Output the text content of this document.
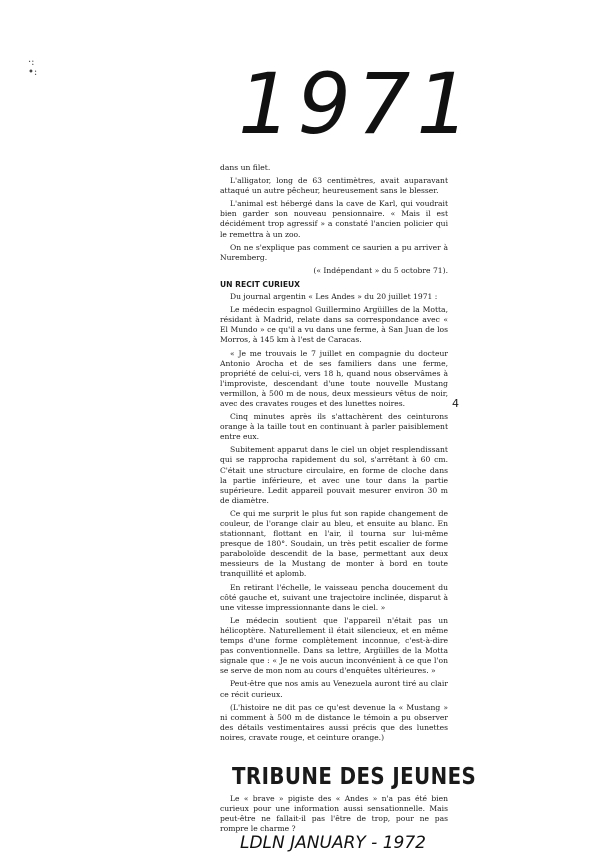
·:
•: 1971

dans un filet.

L'alligator, long de 63 centimètres, avait auparavant attaqué un autre pêcheur, heureusement sans le blesser.

L'animal est hébergé dans la cave de Karl, qui voudrait bien garder son nouveau pensionnaire. « Mais il est décidément trop agressif » a constaté l'ancien policier qui le remettra à un zoo.

On ne s'explique pas comment ce saurien a pu arriver à Nuremberg.

(« Indépendant » du 5 octobre 71).

UN RECIT CURIEUX

Du journal argentin « Les Andes » du 20 juillet 1971 :

Le médecin espagnol Guillermino Argüilles de la Motta, résidant à Madrid, relate dans sa correspondance avec « El Mundo » ce qu'il a vu dans une ferme, à San Juan de los Morros, à 145 km à l'est de Caracas.

« Je me trouvais le 7 juillet en compagnie du docteur Antonio Arocha et de ses familiers dans une ferme, propriété de celui-ci, vers 18 h, quand nous observâmes à l'improviste, descendant d'une toute nouvelle Mustang vermillon, à 500 m de nous, deux messieurs vêtus de noir, avec des cravates rouges et des lunettes noires.

Cinq minutes après ils s'attachèrent des ceinturons orange à la taille tout en continuant à parler paisiblement entre eux.

Subitement apparut dans le ciel un objet resplendissant qui se rapprocha rapidement du sol, s'arrêtant à 60 cm. C'était une structure circulaire, en forme de cloche dans la partie inférieure, et avec une tour dans la partie supérieure. Ledit appareil pouvait mesurer environ 30 m de diamètre.

Ce qui me surprit le plus fut son rapide changement de couleur, de l'orange clair au bleu, et ensuite au blanc. En stationnant, flottant en l'air, il tourna sur lui-même presque de 180°. Soudain, un très petit escalier de forme paraboloïde descendit de la base, permettant aux deux messieurs de la Mustang de monter à bord en toute tranquillité et aplomb.

En retirant l'échelle, le vaisseau pencha doucement du côté gauche et, suivant une trajectoire inclinée, disparut à une vitesse impressionnante dans le ciel. »

Le médecin soutient que l'appareil n'était pas un hélicoptère. Naturellement il était silencieux, et en même temps d'une forme complètement inconnue, c'est-à-dire pas conventionnelle. Dans sa lettre, Argüilles de la Motta signale que : « Je ne vois aucun inconvénient à ce que l'on se serve de mon nom au cours d'enquêtes ultérieures. »

Peut-être que nos amis au Venezuela auront tiré au clair ce récit curieux.

(L'histoire ne dit pas ce qu'est devenue la « Mustang » ni comment à 500 m de distance le témoin a pu observer des détails vestimentaires aussi précis que des lunettes noires, cravate rouge, et ceinture orange.)

4
TRIBUNE DES JEUNES

Le « brave » pigiste des « Andes » n'a pas été bien curieux pour une information aussi sensationnelle. Mais peut-être ne fallait-il pas l'être de trop, pour ne pas rompre le charme ?

LDLN JANUARY - 1972
